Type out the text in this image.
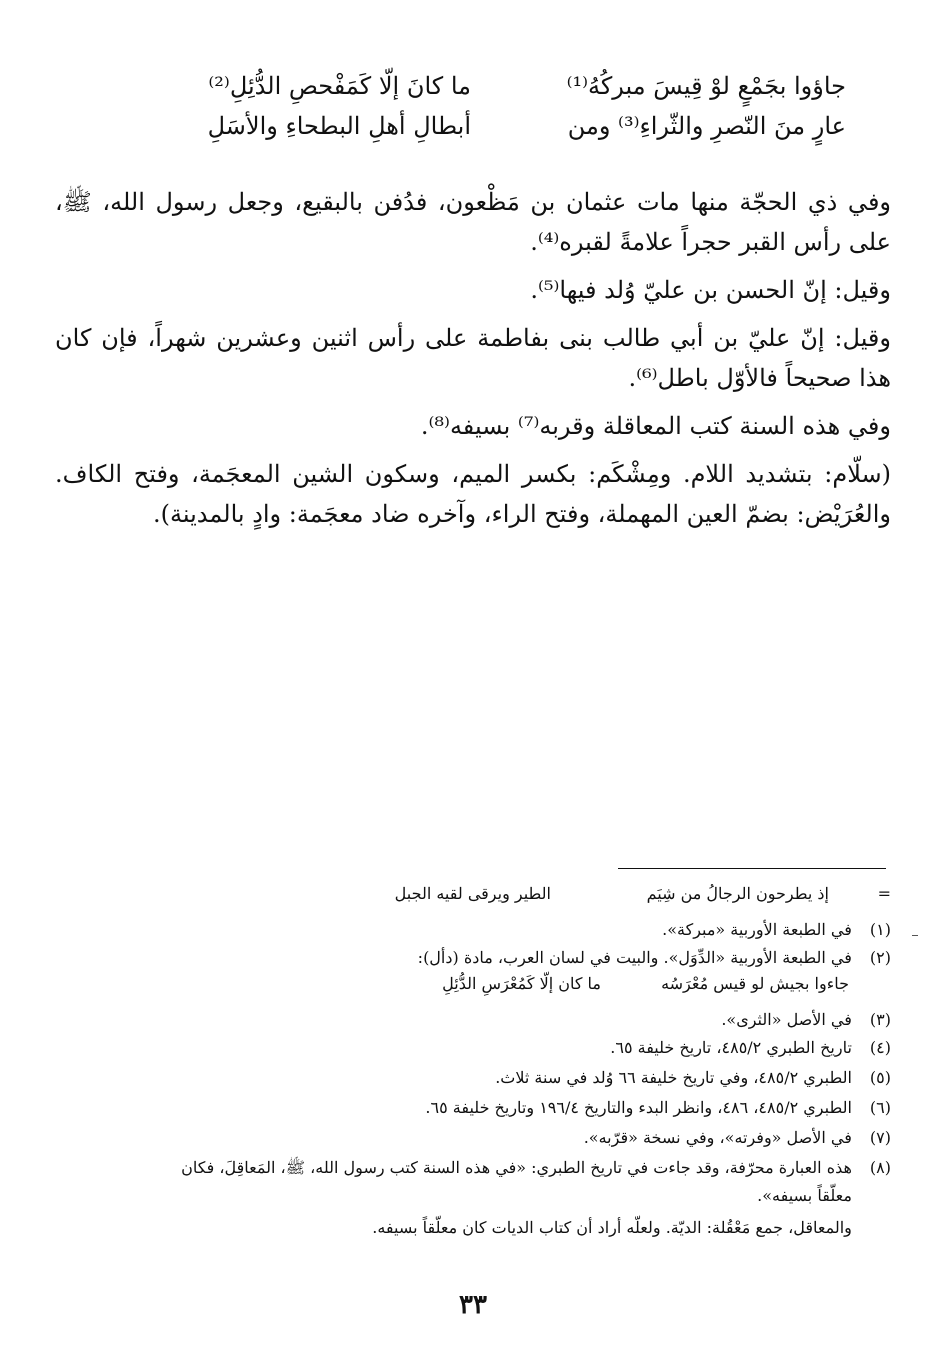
جاؤوا بجَمْعٍ لوْ قِيسَ مبركُهُ⁽¹⁾
ما كانَ إلّا كَمَفْحصِ الدُّئِلِ⁽²⁾
عارٍ منَ النّصرِ والثّراءِ⁽³⁾ ومن
أبطالِ أهلِ البطحاءِ والأسَلِ

وفي ذي الحجّة منها مات عثمان بن مَظْعون، فدُفن بالبقيع، وجعل رسول الله، ﷺ، على رأس القبر حجراً علامةً لقبره⁽⁴⁾.

وقيل: إنّ الحسن بن عليّ وُلد فيها⁽⁵⁾.

وقيل: إنّ عليّ بن أبي طالب بنى بفاطمة على رأس اثنين وعشرين شهراً، فإن كان هذا صحيحاً فالأوّل باطل⁽⁶⁾.

وفي هذه السنة كتب المعاقلة وقربه⁽⁷⁾ بسيفه⁽⁸⁾.

(سلّام: بتشديد اللام. ومِشْكَم: بكسر الميم، وسكون الشين المعجَمة، وفتح الكاف. والعُرَيْض: بضمّ العين المهملة، وفتح الراء، وآخره ضاد معجَمة: وادٍ بالمدينة).

=
إذ يطرحون الرجالُ من شِيَم
الطير ويرقى لقيه الجبل
(١) في الطبعة الأوربية «مبركة».
(٢) في الطبعة الأوربية «الدِّوَل». والبيت في لسان العرب، مادة (دأل):
جاءوا بجيش لو قيس مُعْرَسُه
ما كان إلّا كَمُعْرَسِ الدُّئِلِ
(٣) في الأصل «الثرى».
(٤) تاريخ الطبري ٤٨٥/٢، تاريخ خليفة ٦٥.
(٥) الطبري ٤٨٥/٢، وفي تاريخ خليفة ٦٦ وُلد في سنة ثلاث.
(٦) الطبري ٤٨٥/٢، ٤٨٦، وانظر البدء والتاريخ ١٩٦/٤ وتاريخ خليفة ٦٥.
(٧) في الأصل «وفرته»، وفي نسخة «قرّبه».
(٨) هذه العبارة محرّفة، وقد جاءت في تاريخ الطبري: «في هذه السنة كتب رسول الله، ﷺ، المَعاقِلَ، فكان
معلّقاً بسيفه».
والمعاقل، جمع مَعْقُلة: الديّة. ولعلّه أراد أن كتاب الديات كان معلّقاً بسيفه.
٣٣
